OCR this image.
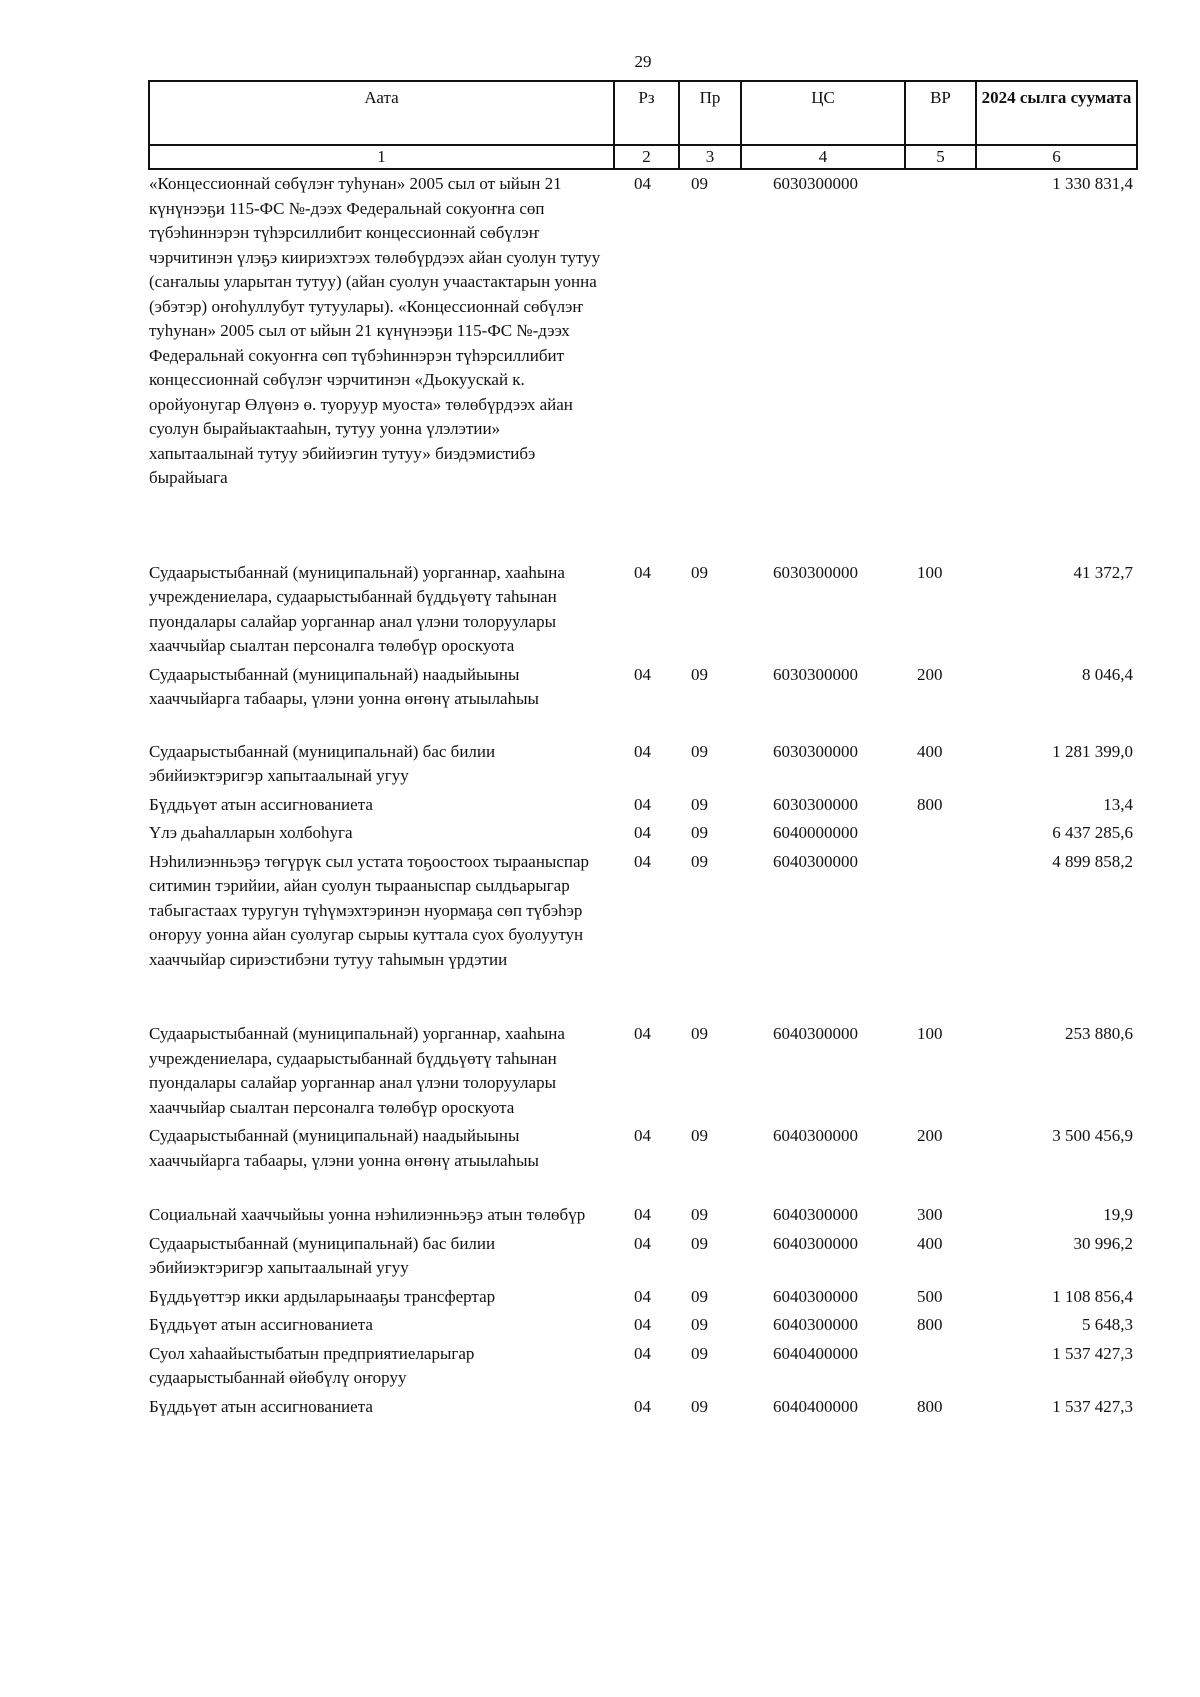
29
Аата	Рз	Пр	ЦС	ВР	2024 сылга суумата
1	2	3	4	5	6
«Концессионнай сөбүлэҥ туһунан» 2005 сыл от ыйын 21 күнүнээҕи 115-ФС №-дээх Федеральнай сокуоҥҥа сөп түбэһиннэрэн түһэрсиллибит концессионнай сөбүлэҥ чэрчитинэн үлэҕэ киириэхтээх төлөбүрдээх айан суолун тутуу (саҥалыы уларытан тутуу) (айан суолун учаастактарын уонна (эбэтэр) оҥоһуллубут тутуулары). «Концессионнай сөбүлэҥ туһунан» 2005 сыл от ыйын 21 күнүнээҕи 115-ФС №-дээх Федеральнай сокуоҥҥа сөп түбэһиннэрэн түһэрсиллибит концессионнай сөбүлэҥ чэрчитинэн «Дьокуускай к. оройуонугар Өлүөнэ ө. туоруур муоста» төлөбүрдээх айан суолун бырайыактааһын, тутуу уонна үлэлэтии» хапытаалынай тутуу эбийиэгин тутуу» биэдэмистибэ бырайыага	04	09	6030300000		1 330 831,4
Судаарыстыбаннай (муниципальнай) уорганнар, хааһына учреждениелара, судаарыстыбаннай бүддьүөтү таһынан пуондалары салайар уорганнар анал үлэни толоруулары хааччыйар сыалтан персоналга төлөбүр ороскуота	04	09	6030300000	100	41 372,7
Судаарыстыбаннай (муниципальнай) наадыйыыны хааччыйарга табаары, үлэни уонна өҥөнү атыылаһыы	04	09	6030300000	200	8 046,4
Судаарыстыбаннай (муниципальнай) бас билии эбийиэктэригэр хапытаалынай угуу	04	09	6030300000	400	1 281 399,0
Бүддьүөт атын ассигнованиета	04	09	6030300000	800	13,4
Үлэ дьаһалларын холбоһуга	04	09	6040000000		6 437 285,6
Нэһилиэнньэҕэ төгүрүк сыл устата тоҕоостоох тырааныспар ситимин тэрийии, айан суолун тырааныспар сылдьарыгар табыгастаах туругун түһүмэхтэринэн нуормаҕа сөп түбэһэр оҥоруу уонна айан суолугар сырыы куттала суох буолуутун хааччыйар сириэстибэни тутуу таһымын үрдэтии	04	09	6040300000		4 899 858,2
Судаарыстыбаннай (муниципальнай) уорганнар, хааһына учреждениелара, судаарыстыбаннай бүддьүөтү таһынан пуондалары салайар уорганнар анал үлэни толоруулары хааччыйар сыалтан персоналга төлөбүр ороскуота	04	09	6040300000	100	253 880,6
Судаарыстыбаннай (муниципальнай) наадыйыыны хааччыйарга табаары, үлэни уонна өҥөнү атыылаһыы	04	09	6040300000	200	3 500 456,9
Социальнай хааччыйыы уонна нэһилиэнньэҕэ атын төлөбүр	04	09	6040300000	300	19,9
Судаарыстыбаннай (муниципальнай) бас билии эбийиэктэригэр хапытаалынай угуу	04	09	6040300000	400	30 996,2
Бүддьүөттэр икки ардыларынааҕы трансфертар	04	09	6040300000	500	1 108 856,4
Бүддьүөт атын ассигнованиета	04	09	6040300000	800	5 648,3
Суол хаһаайыстыбатын предприятиеларыгар судаарыстыбаннай өйөбүлү оҥоруу	04	09	6040400000		1 537 427,3
Бүддьүөт атын ассигнованиета	04	09	6040400000	800	1 537 427,3
